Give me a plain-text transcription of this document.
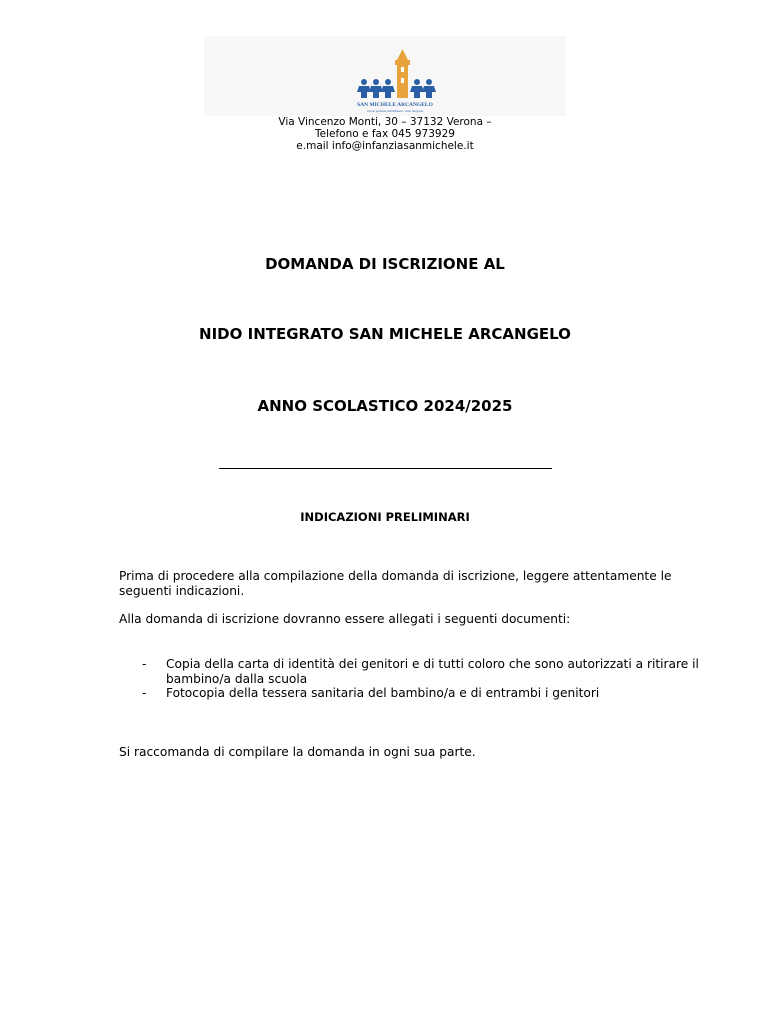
SAN MICHELE ARCANGELO
scuola paritaria dell'infanzia - nido integrato
Via Vincenzo Monti, 30 – 37132 Verona –
Telefono e fax 045 973929
e.mail info@infanziasanmichele.it
DOMANDA DI ISCRIZIONE AL
NIDO INTEGRATO SAN MICHELE ARCANGELO
ANNO SCOLASTICO 2024/2025
INDICAZIONI PRELIMINARI
Prima di procedere alla compilazione della domanda di iscrizione, leggere attentamente le seguenti indicazioni.
Alla domanda di iscrizione dovranno essere allegati i seguenti documenti:
- Copia della carta di identità dei genitori e di tutti coloro che sono autorizzati a ritirare il bambino/a dalla scuola
- Fotocopia della tessera sanitaria del bambino/a e di entrambi i genitori
Si raccomanda di compilare la domanda in ogni sua parte.
